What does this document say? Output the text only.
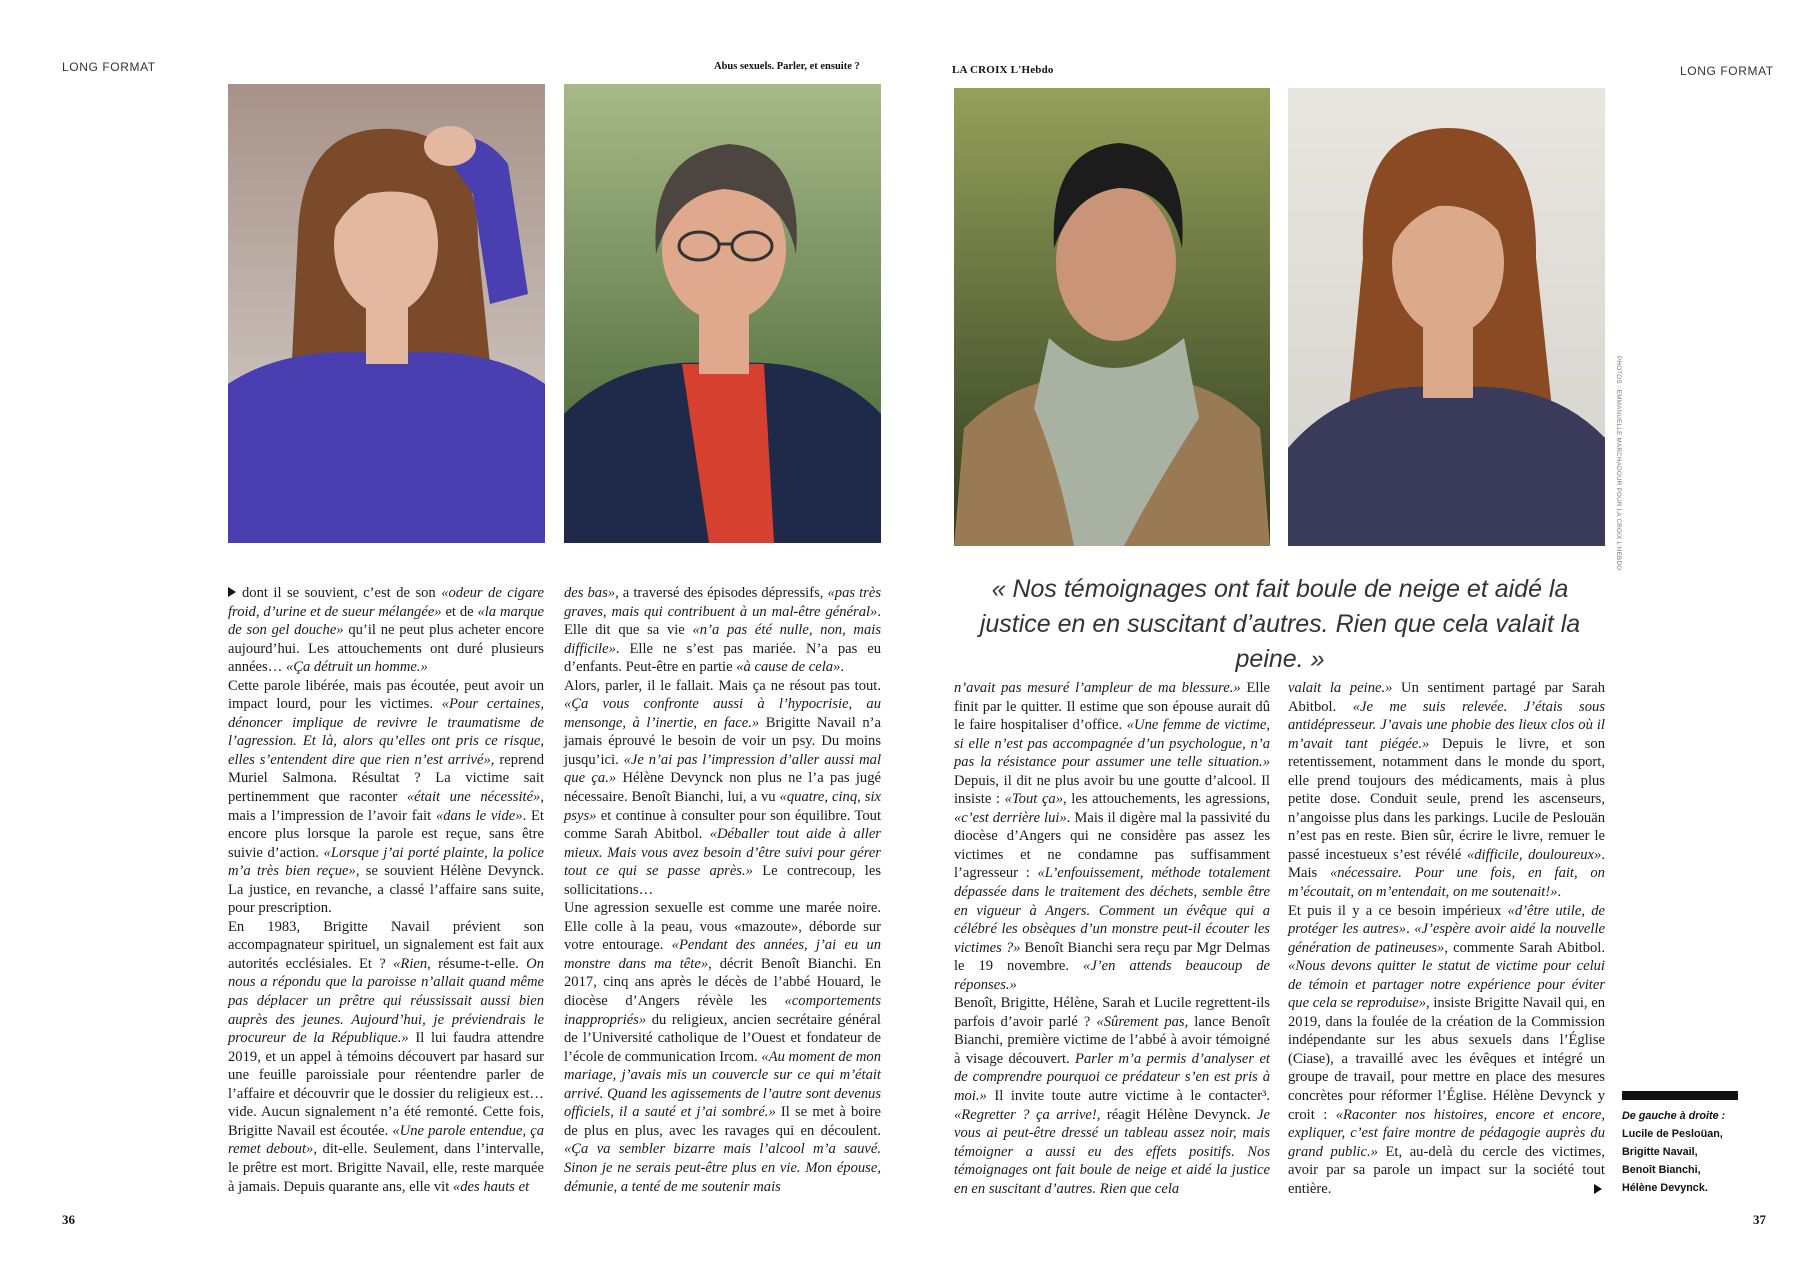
LONG FORMAT	Abus sexuels. Parler, et ensuite ?	LA CROIX L'Hebdo	LONG FORMAT
PHOTOS : EMMANUELLE MARCHADOUR POUR LA CROIX L'HEBDO

dont il se souvient, c’est de son «odeur de cigare froid, d’urine et de sueur mélangée» et de «la marque de son gel douche» qu’il ne peut plus acheter encore aujourd’hui. Les attouchements ont duré plusieurs années… «Ça détruit un homme.»

Cette parole libérée, mais pas écoutée, peut avoir un impact lourd, pour les victimes. «Pour certaines, dénoncer implique de revivre le traumatisme de l’agression. Et là, alors qu’elles ont pris ce risque, elles s’entendent dire que rien n’est arrivé», reprend Muriel Salmona. Résultat ? La victime sait pertinemment que raconter «était une nécessité», mais a l’impression de l’avoir fait «dans le vide». Et encore plus lorsque la parole est reçue, sans être suivie d’action. «Lorsque j’ai porté plainte, la police m’a très bien reçue», se souvient Hélène Devynck. La justice, en revanche, a classé l’affaire sans suite, pour prescription.

En 1983, Brigitte Navail prévient son accompagnateur spirituel, un signalement est fait aux autorités ecclésiales. Et ? «Rien, résume-t-elle. On nous a répondu que la paroisse n’allait quand même pas déplacer un prêtre qui réussissait aussi bien auprès des jeunes. Aujourd’hui, je préviendrais le procureur de la République.» Il lui faudra attendre 2019, et un appel à témoins découvert par hasard sur une feuille paroissiale pour réentendre parler de l’affaire et découvrir que le dossier du religieux est… vide. Aucun signalement n’a été remonté. Cette fois, Brigitte Navail est écoutée. «Une parole entendue, ça remet debout», dit-elle. Seulement, dans l’intervalle, le prêtre est mort. Brigitte Navail, elle, reste marquée à jamais. Depuis quarante ans, elle vit «des hauts et

des bas», a traversé des épisodes dépressifs, «pas très graves, mais qui contribuent à un mal-être général». Elle dit que sa vie «n’a pas été nulle, non, mais difficile». Elle ne s’est pas mariée. N’a pas eu d’enfants. Peut-être en partie «à cause de cela».

Alors, parler, il le fallait. Mais ça ne résout pas tout. «Ça vous confronte aussi à l’hypocrisie, au mensonge, à l’inertie, en face.» Brigitte Navail n’a jamais éprouvé le besoin de voir un psy. Du moins jusqu’ici. «Je n’ai pas l’impression d’aller aussi mal que ça.» Hélène Devynck non plus ne l’a pas jugé nécessaire. Benoît Bianchi, lui, a vu «quatre, cinq, six psys» et continue à consulter pour son équilibre. Tout comme Sarah Abitbol. «Déballer tout aide à aller mieux. Mais vous avez besoin d’être suivi pour gérer tout ce qui se passe après.» Le contrecoup, les sollicitations…

Une agression sexuelle est comme une marée noire. Elle colle à la peau, vous «mazoute», déborde sur votre entourage. «Pendant des années, j’ai eu un monstre dans ma tête», décrit Benoît Bianchi. En 2017, cinq ans après le décès de l’abbé Houard, le diocèse d’Angers révèle les «comportements inappropriés» du religieux, ancien secrétaire général de l’Université catholique de l’Ouest et fondateur de l’école de communication Ircom. «Au moment de mon mariage, j’avais mis un couvercle sur ce qui m’était arrivé. Quand les agissements de l’autre sont devenus officiels, il a sauté et j’ai sombré.» Il se met à boire de plus en plus, avec les ravages qui en découlent. «Ça va sembler bizarre mais l’alcool m’a sauvé. Sinon je ne serais peut-être plus en vie. Mon épouse, démunie, a tenté de me soutenir mais

« Nos témoignages ont fait boule de neige et aidé la justice en en suscitant d’autres. Rien que cela valait la peine. »

n’avait pas mesuré l’ampleur de ma blessure.» Elle finit par le quitter. Il estime que son épouse aurait dû le faire hospitaliser d’office. «Une femme de victime, si elle n’est pas accompagnée d’un psychologue, n’a pas la résistance pour assumer une telle situation.» Depuis, il dit ne plus avoir bu une goutte d’alcool. Il insiste : «Tout ça», les attouchements, les agressions, «c’est derrière lui». Mais il digère mal la passivité du diocèse d’Angers qui ne considère pas assez les victimes et ne condamne pas suffisamment l’agresseur : «L’enfouissement, méthode totalement dépassée dans le traitement des déchets, semble être en vigueur à Angers. Comment un évêque qui a célébré les obsèques d’un monstre peut-il écouter les victimes ?» Benoît Bianchi sera reçu par Mgr Delmas le 19 novembre. «J’en attends beaucoup de réponses.»

Benoît, Brigitte, Hélène, Sarah et Lucile regrettent-ils parfois d’avoir parlé ? «Sûrement pas, lance Benoît Bianchi, première victime de l’abbé à avoir témoigné à visage découvert. Parler m’a permis d’analyser et de comprendre pourquoi ce prédateur s’en est pris à moi.» Il invite toute autre victime à le contacter³. «Regretter ? ça arrive!, réagit Hélène Devynck. Je vous ai peut-être dressé un tableau assez noir, mais témoigner a aussi eu des effets positifs. Nos témoignages ont fait boule de neige et aidé la justice en en suscitant d’autres. Rien que cela

valait la peine.» Un sentiment partagé par Sarah Abitbol. «Je me suis relevée. J’étais sous antidépresseur. J’avais une phobie des lieux clos où il m’avait tant piégée.» Depuis le livre, et son retentissement, notamment dans le monde du sport, elle prend toujours des médicaments, mais à plus petite dose. Conduit seule, prend les ascenseurs, n’angoisse plus dans les parkings. Lucile de Peslouän n’est pas en reste. Bien sûr, écrire le livre, remuer le passé incestueux s’est révélé «difficile, douloureux». Mais «nécessaire. Pour une fois, en fait, on m’écoutait, on m’entendait, on me soutenait!».

Et puis il y a ce besoin impérieux «d’être utile, de protéger les autres». «J’espère avoir aidé la nouvelle génération de patineuses», commente Sarah Abitbol. «Nous devons quitter le statut de victime pour celui de témoin et partager notre expérience pour éviter que cela se reproduise», insiste Brigitte Navail qui, en 2019, dans la foulée de la création de la Commission indépendante sur les abus sexuels dans l’Église (Ciase), a travaillé avec les évêques et intégré un groupe de travail, pour mettre en place des mesures concrètes pour réformer l’Église. Hélène Devynck y croit : «Raconter nos histoires, encore et encore, expliquer, c’est faire montre de pédagogie auprès du grand public.» Et, au-delà du cercle des victimes, avoir par sa parole un impact sur la société tout entière.

De gauche à droite :
Lucile de Pesloüan,
Brigitte Navail,
Benoît Bianchi,
Hélène Devynck.
36	37
